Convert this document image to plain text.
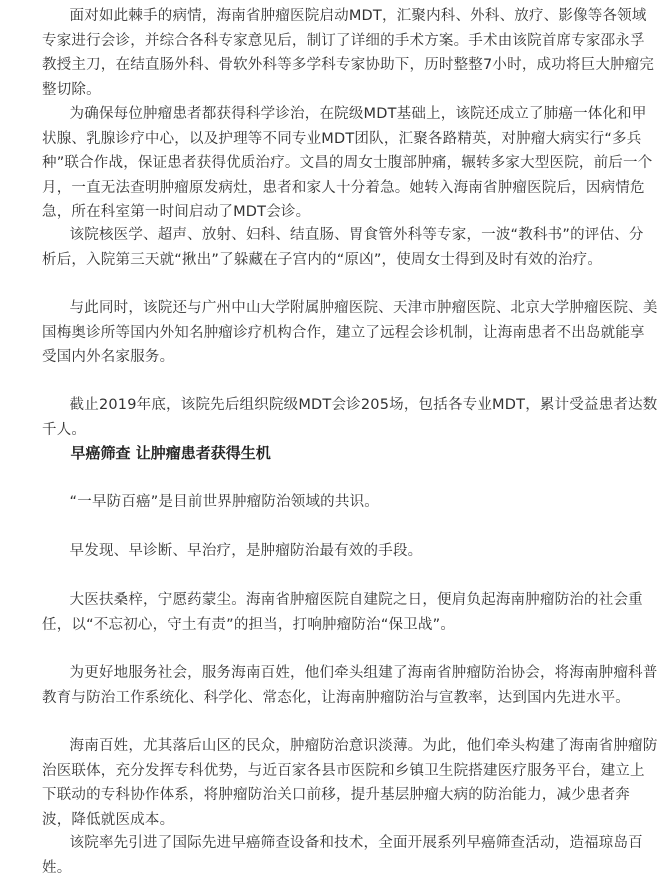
面对如此棘手的病情，海南省肿瘤医院启动MDT，汇聚内科、外科、放疗、影像等各领域专家进行会诊，并综合各科专家意见后，制订了详细的手术方案。手术由该院首席专家邵永孚教授主刀，在结直肠外科、骨软外科等多学科专家协助下，历时整整7小时，成功将巨大肿瘤完整切除。

为确保每位肿瘤患者都获得科学诊治，在院级MDT基础上，该院还成立了肺癌一体化和甲状腺、乳腺诊疗中心，以及护理等不同专业MDT团队，汇聚各路精英，对肿瘤大病实行“多兵种”联合作战，保证患者获得优质治疗。文昌的周女士腹部肿痛，辗转多家大型医院，前后一个月，一直无法查明肿瘤原发病灶，患者和家人十分着急。她转入海南省肿瘤医院后，因病情危急，所在科室第一时间启动了MDT会诊。

该院核医学、超声、放射、妇科、结直肠、胃食管外科等专家，一波“教科书”的评估、分析后，入院第三天就“揪出”了躲藏在子宫内的“原凶”，使周女士得到及时有效的治疗。

与此同时，该院还与广州中山大学附属肿瘤医院、天津市肿瘤医院、北京大学肿瘤医院、美国梅奥诊所等国内外知名肿瘤诊疗机构合作，建立了远程会诊机制，让海南患者不出岛就能享受国内外名家服务。

截止2019年底，该院先后组织院级MDT会诊205场，包括各专业MDT，累计受益患者达数千人。

早癌筛查 让肿瘤患者获得生机

“一早防百癌”是目前世界肿瘤防治领域的共识。

早发现、早诊断、早治疗，是肿瘤防治最有效的手段。

大医扶桑梓，宁愿药蒙尘。海南省肿瘤医院自建院之日，便肩负起海南肿瘤防治的社会重任，以“不忘初心，守土有责”的担当，打响肿瘤防治“保卫战”。

为更好地服务社会，服务海南百姓，他们牵头组建了海南省肿瘤防治协会，将海南肿瘤科普教育与防治工作系统化、科学化、常态化，让海南肿瘤防治与宣教率，达到国内先进水平。

海南百姓，尤其落后山区的民众，肿瘤防治意识淡薄。为此，他们牵头构建了海南省肿瘤防治医联体，充分发挥专科优势，与近百家各县市医院和乡镇卫生院搭建医疗服务平台，建立上下联动的专科协作体系，将肿瘤防治关口前移，提升基层肿瘤大病的防治能力，减少患者奔波，降低就医成本。

该院率先引进了国际先进早癌筛查设备和技术，全面开展系列早癌筛查活动，造福琼岛百姓。
